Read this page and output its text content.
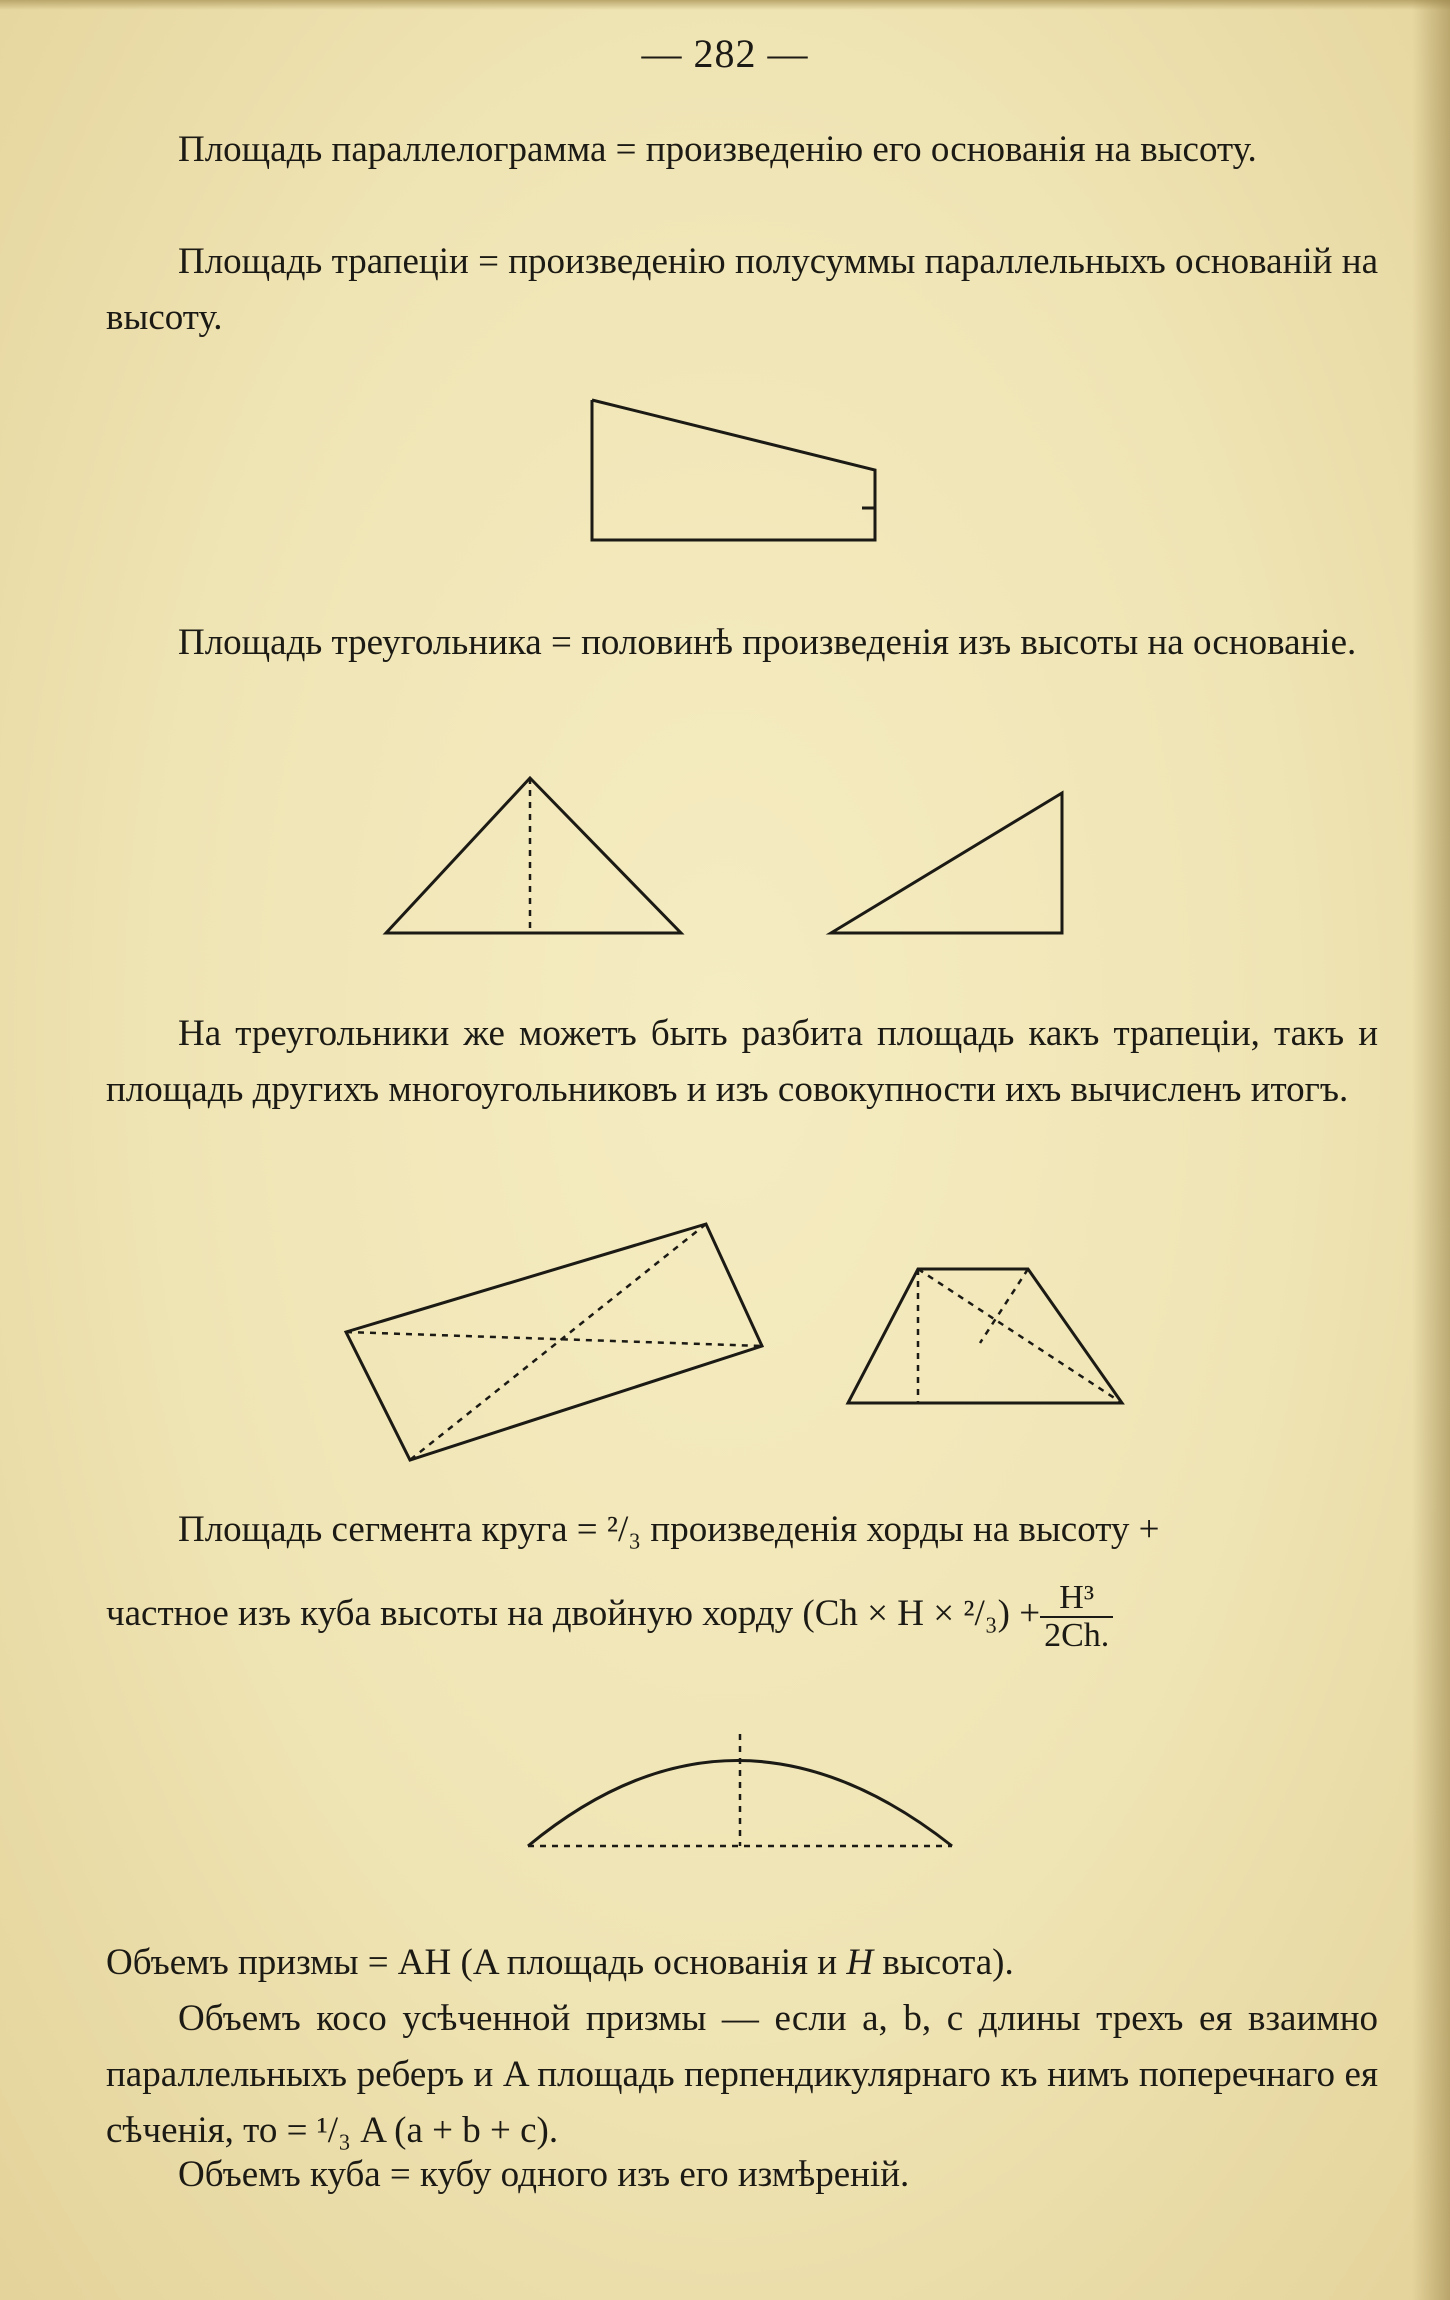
— 282 —

Площадь параллелограмма = произведенію его основанія на высоту.

Площадь трапеціи = произведенію полусуммы параллельныхъ основаній на высоту.

Площадь треугольника = половинѣ произведенія изъ высоты на основаніе.

На треугольники же можетъ быть разбита площадь какъ трапеціи, такъ и площадь другихъ многоугольниковъ и изъ совокупности ихъ вычисленъ итогъ.

Площадь сегмента круга = ²/₃ произведенія хорды на высоту +

частное изъ куба высоты на двойную хорду $(Ch \times H \times ^2/_3) + \frac{\text{H³}}{2Ch.}$

Объемъ призмы = AH (A площадь основанія и H высота).

Объемъ косо усѣченной призмы — если a, b, c длины трехъ ея взаимно параллельныхъ реберъ и A площадь перпендикулярнаго къ нимъ поперечнаго ея сѣченія, то = ¹/₃ A (a + b + c).

Объемъ куба = кубу одного изъ его измѣреній.
